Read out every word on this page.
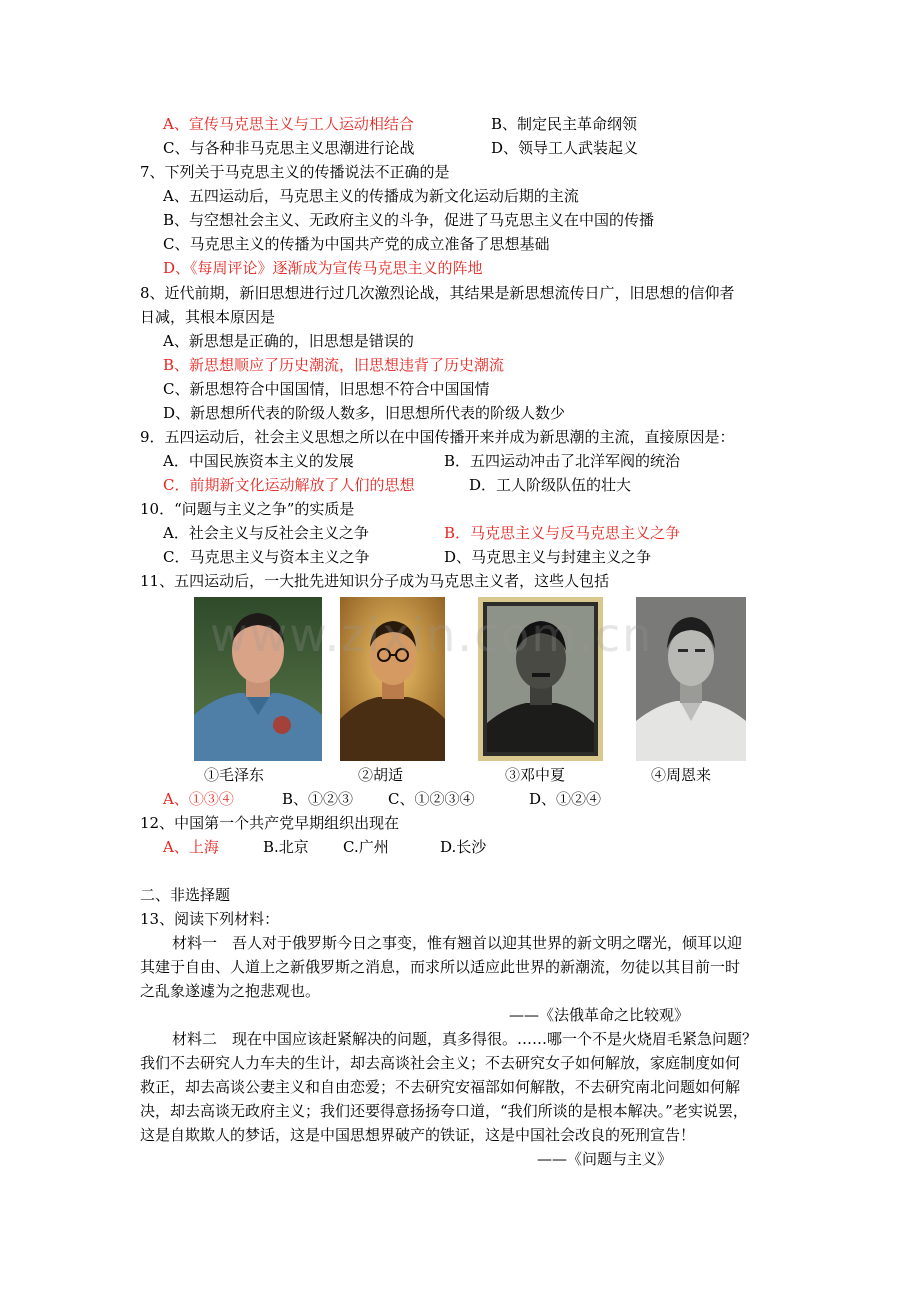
A、宣传马克思主义与工人运动相结合	B、制定民主革命纲领
C、与各种非马克思主义思潮进行论战	D、领导工人武装起义
7、下列关于马克思主义的传播说法不正确的是
A、五四运动后，马克思主义的传播成为新文化运动后期的主流
B、与空想社会主义、无政府主义的斗争，促进了马克思主义在中国的传播
C、马克思主义的传播为中国共产党的成立准备了思想基础
D、《每周评论》逐渐成为宣传马克思主义的阵地
8、近代前期，新旧思想进行过几次激烈论战，其结果是新思想流传日广，旧思想的信仰者
日减，其根本原因是
A、新思想是正确的，旧思想是错误的
B、新思想顺应了历史潮流，旧思想违背了历史潮流
C、新思想符合中国国情，旧思想不符合中国国情
D、新思想所代表的阶级人数多，旧思想所代表的阶级人数少
9．五四运动后，社会主义思想之所以在中国传播开来并成为新思潮的主流，直接原因是：
A．中国民族资本主义的发展	B．五四运动冲击了北洋军阀的统治
C．前期新文化运动解放了人们的思想	D．工人阶级队伍的壮大
10．“问题与主义之争”的实质是
A．社会主义与反社会主义之争	B．马克思主义与反马克思主义之争
C．马克思主义与资本主义之争	D、马克思主义与封建主义之争
11、五四运动后，一大批先进知识分子成为马克思主义者，这些人包括
www.zixin.com.cn
①毛泽东	②胡适	③邓中夏	④周恩来
A、①③④	B、①②③ C、①②③④	D、①②④
12、中国第一个共产党早期组织出现在
A、上海	B.北京 C.广州	D.长沙
二、非选择题
13、阅读下列材料：
材料一　吾人对于俄罗斯今日之事变，惟有翘首以迎其世界的新文明之曙光，倾耳以迎
其建于自由、人道上之新俄罗斯之消息，而求所以适应此世界的新潮流，勿徒以其目前一时
之乱象遂遽为之抱悲观也。
——《法俄革命之比较观》
材料二　现在中国应该赶紧解决的问题，真多得很。……哪一个不是火烧眉毛紧急问题？
我们不去研究人力车夫的生计，却去高谈社会主义；不去研究女子如何解放，家庭制度如何
救正，却去高谈公妻主义和自由恋爱；不去研究安福部如何解散，不去研究南北问题如何解
决，却去高谈无政府主义；我们还要得意扬扬夸口道，“我们所谈的是根本解决。”老实说罢，
这是自欺欺人的梦话，这是中国思想界破产的铁证，这是中国社会改良的死刑宣告！
——《问题与主义》
